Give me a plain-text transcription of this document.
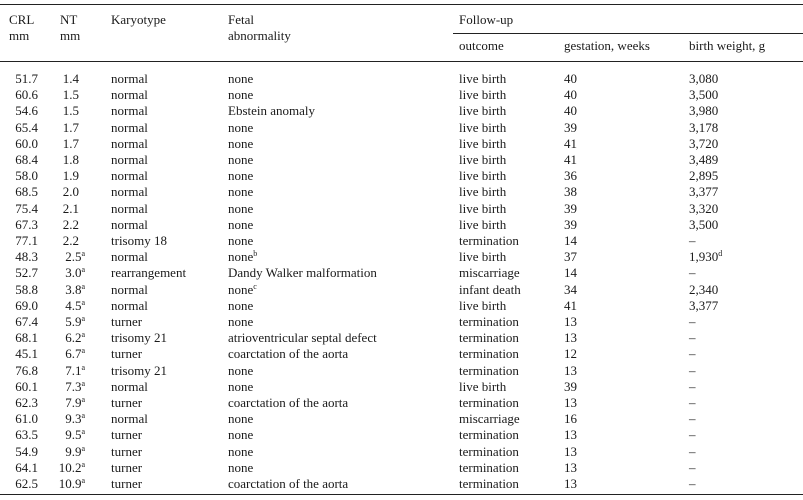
CRL
mm
NT
mm
Karyotype	Fetal
abnormality
Follow-up
outcome	gestation, weeks	birth weight, g
51.7 1.4	normal	none	live birth	40	3,080
60.6 1.5	normal	none	live birth	40	3,500
54.6 1.5	normal	Ebstein anomaly	live birth	40	3,980
65.4 1.7	normal	none	live birth	39	3,178
60.0 1.7	normal	none	live birth	41	3,720
68.4 1.8	normal	none	live birth	41	3,489
58.0 1.9	normal	none	live birth	36	2,895
68.5 2.0	normal	none	live birth	38	3,377
75.4 2.1	normal	none	live birth	39	3,320
67.3 2.2	normal	none	live birth	39	3,500
77.1 2.2	trisomy 18	none	termination	14	–
48.3 2.5$^a$ normal	none$^b$	live birth	37	1,930$^d$
52.7 3.0$^a$ rearrangement	Dandy Walker malformation	miscarriage	14	–
58.8 3.8$^a$ normal	none$^c$	infant death	34	2,340
69.0 4.5$^a$ normal	none	live birth	41	3,377
67.4 5.9$^a$ turner	none	termination	13	–
68.1 6.2$^a$ trisomy 21	atrioventricular septal defect	termination	13	–
45.1 6.7$^a$ turner	coarctation of the aorta	termination	12	–
76.8 7.1$^a$ trisomy 21	none	termination	13	–
60.1 7.3$^a$ normal	none	live birth	39	–
62.3 7.9$^a$ turner	coarctation of the aorta	termination	13	–
61.0 9.3$^a$ normal	none	miscarriage	16	–
63.5 9.5$^a$ turner	none	termination	13	–
54.9 9.9$^a$ turner	none	termination	13	–
64.1 10.2$^a$ turner	none	termination	13	–
62.5 10.9$^a$ turner	coarctation of the aorta	termination	13	–
